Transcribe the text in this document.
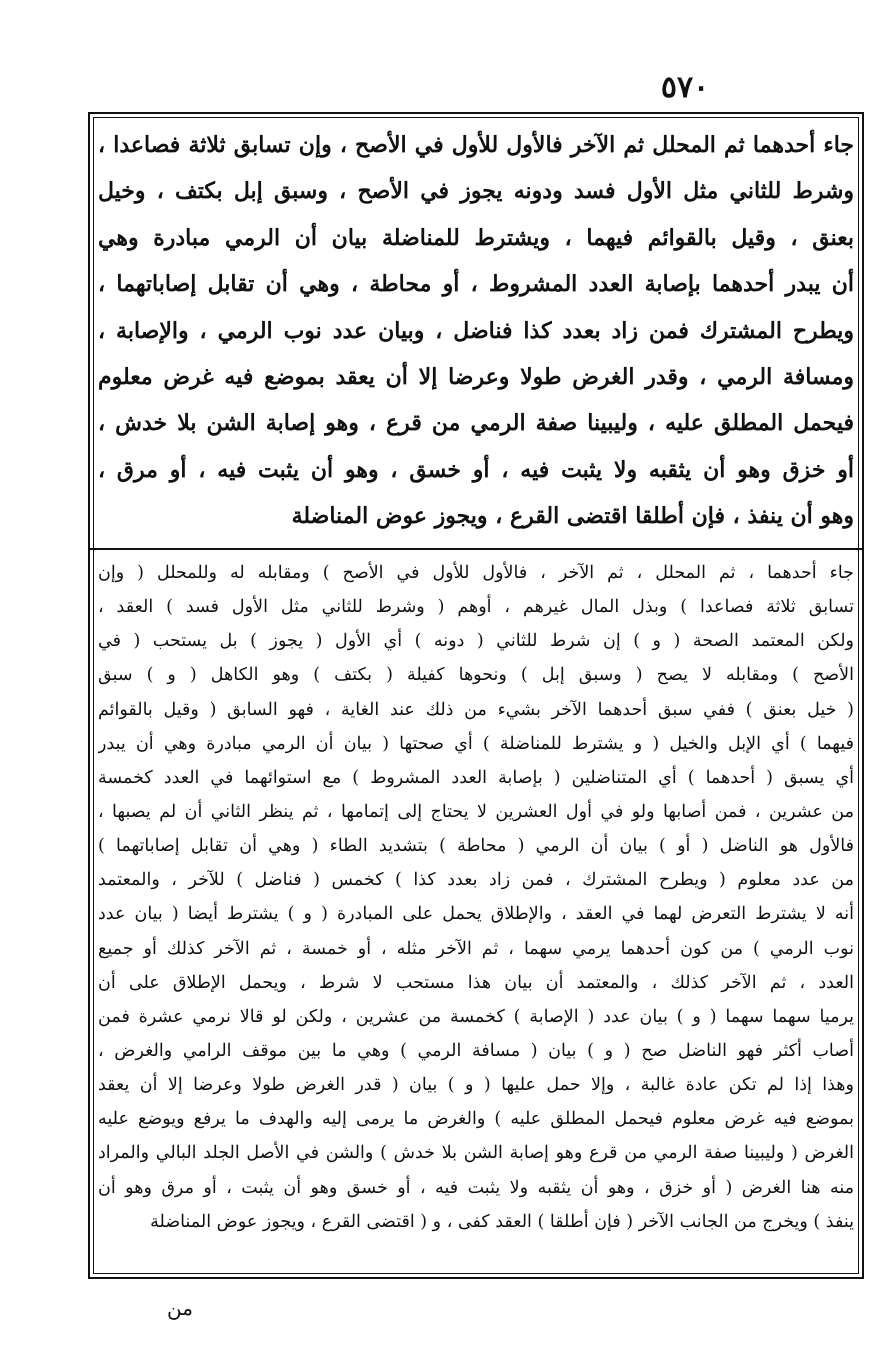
٥٧٠
جاء أحدهما ثم المحلل ثم الآخر فالأول للأول في الأصح ، وإن تسابق ثلاثة فصاعدا ،
وشرط للثاني مثل الأول فسد ودونه يجوز في الأصح ، وسبق إبل بكتف ، وخيل
بعنق ، وقيل بالقوائم فيهما ، ويشترط للمناضلة بيان أن الرمي مبادرة وهي
أن يبدر أحدهما بإصابة العدد المشروط ، أو محاطة ، وهي أن تقابل إصاباتهما ،
ويطرح المشترك فمن زاد بعدد كذا فناضل ، وبيان عدد نوب الرمي ، والإصابة ،
ومسافة الرمي ، وقدر الغرض طولا وعرضا إلا أن يعقد بموضع فيه غرض معلوم
فيحمل المطلق عليه ، وليبينا صفة الرمي من قرع ، وهو إصابة الشن بلا خدش ،
أو خزق وهو أن يثقبه ولا يثبت فيه ، أو خسق ، وهو أن يثبت فيه ، أو مرق ،
وهو أن ينفذ ، فإن أطلقا اقتضى القرع ، ويجوز عوض المناضلة
جاء أحدهما ، ثم المحلل ، ثم الآخر ، فالأول للأول في الأصح ) ومقابله له وللمحلل ( وإن
تسابق ثلاثة فصاعدا ) وبذل المال غيرهم ، أوهم ( وشرط للثاني مثل الأول فسد ) العقد ،
ولكن المعتمد الصحة ( و ) إن شرط للثاني ( دونه ) أي الأول ( يجوز ) بل يستحب ( في
الأصح ) ومقابله لا يصح ( وسبق إبل ) ونحوها كفيلة ( بكتف ) وهو الكاهل ( و ) سبق
( خيل بعنق ) ففي سبق أحدهما الآخر بشيء من ذلك عند الغاية ، فهو السابق ( وقيل بالقوائم
فيهما ) أي الإبل والخيل ( و يشترط للمناضلة ) أي صحتها ( بيان أن الرمي مبادرة وهي أن يبدر
أي يسبق ( أحدهما ) أي المتناضلين ( بإصابة العدد المشروط ) مع استوائهما في العدد كخمسة
من عشرين ، فمن أصابها ولو في أول العشرين لا يحتاج إلى إتمامها ، ثم ينظر الثاني أن لم يصبها ،
فالأول هو الناضل ( أو ) بيان أن الرمي ( محاطة ) بتشديد الطاء ( وهي أن تقابل إصاباتهما )
من عدد معلوم ( ويطرح المشترك ، فمن زاد بعدد كذا ) كخمس ( فناضل ) للآخر ، والمعتمد
أنه لا يشترط التعرض لهما في العقد ، والإطلاق يحمل على المبادرة ( و ) يشترط أيضا ( بيان عدد
نوب الرمي ) من كون أحدهما يرمي سهما ، ثم الآخر مثله ، أو خمسة ، ثم الآخر كذلك أو جميع
العدد ، ثم الآخر كذلك ، والمعتمد أن بيان هذا مستحب لا شرط ، ويحمل الإطلاق على أن
يرميا سهما سهما ( و ) بيان عدد ( الإصابة ) كخمسة من عشرين ، ولكن لو قالا نرمي عشرة فمن
أصاب أكثر فهو الناضل صح ( و ) بيان ( مسافة الرمي ) وهي ما بين موقف الرامي والغرض ،
وهذا إذا لم تكن عادة غالبة ، وإلا حمل عليها ( و ) بيان ( قدر الغرض طولا وعرضا إلا أن يعقد
بموضع فيه غرض معلوم فيحمل المطلق عليه ) والغرض ما يرمى إليه والهدف ما يرفع ويوضع عليه
الغرض ( وليبينا صفة الرمي من قرع وهو إصابة الشن بلا خدش ) والشن في الأصل الجلد البالي والمراد
منه هنا الغرض ( أو خزق ، وهو أن يثقبه ولا يثبت فيه ، أو خسق وهو أن يثبت ، أو مرق وهو أن
ينفذ ) ويخرج من الجانب الآخر ( فإن أطلقا ) العقد كفى ، و ( اقتضى القرع ، ويجوز عوض المناضلة
من
